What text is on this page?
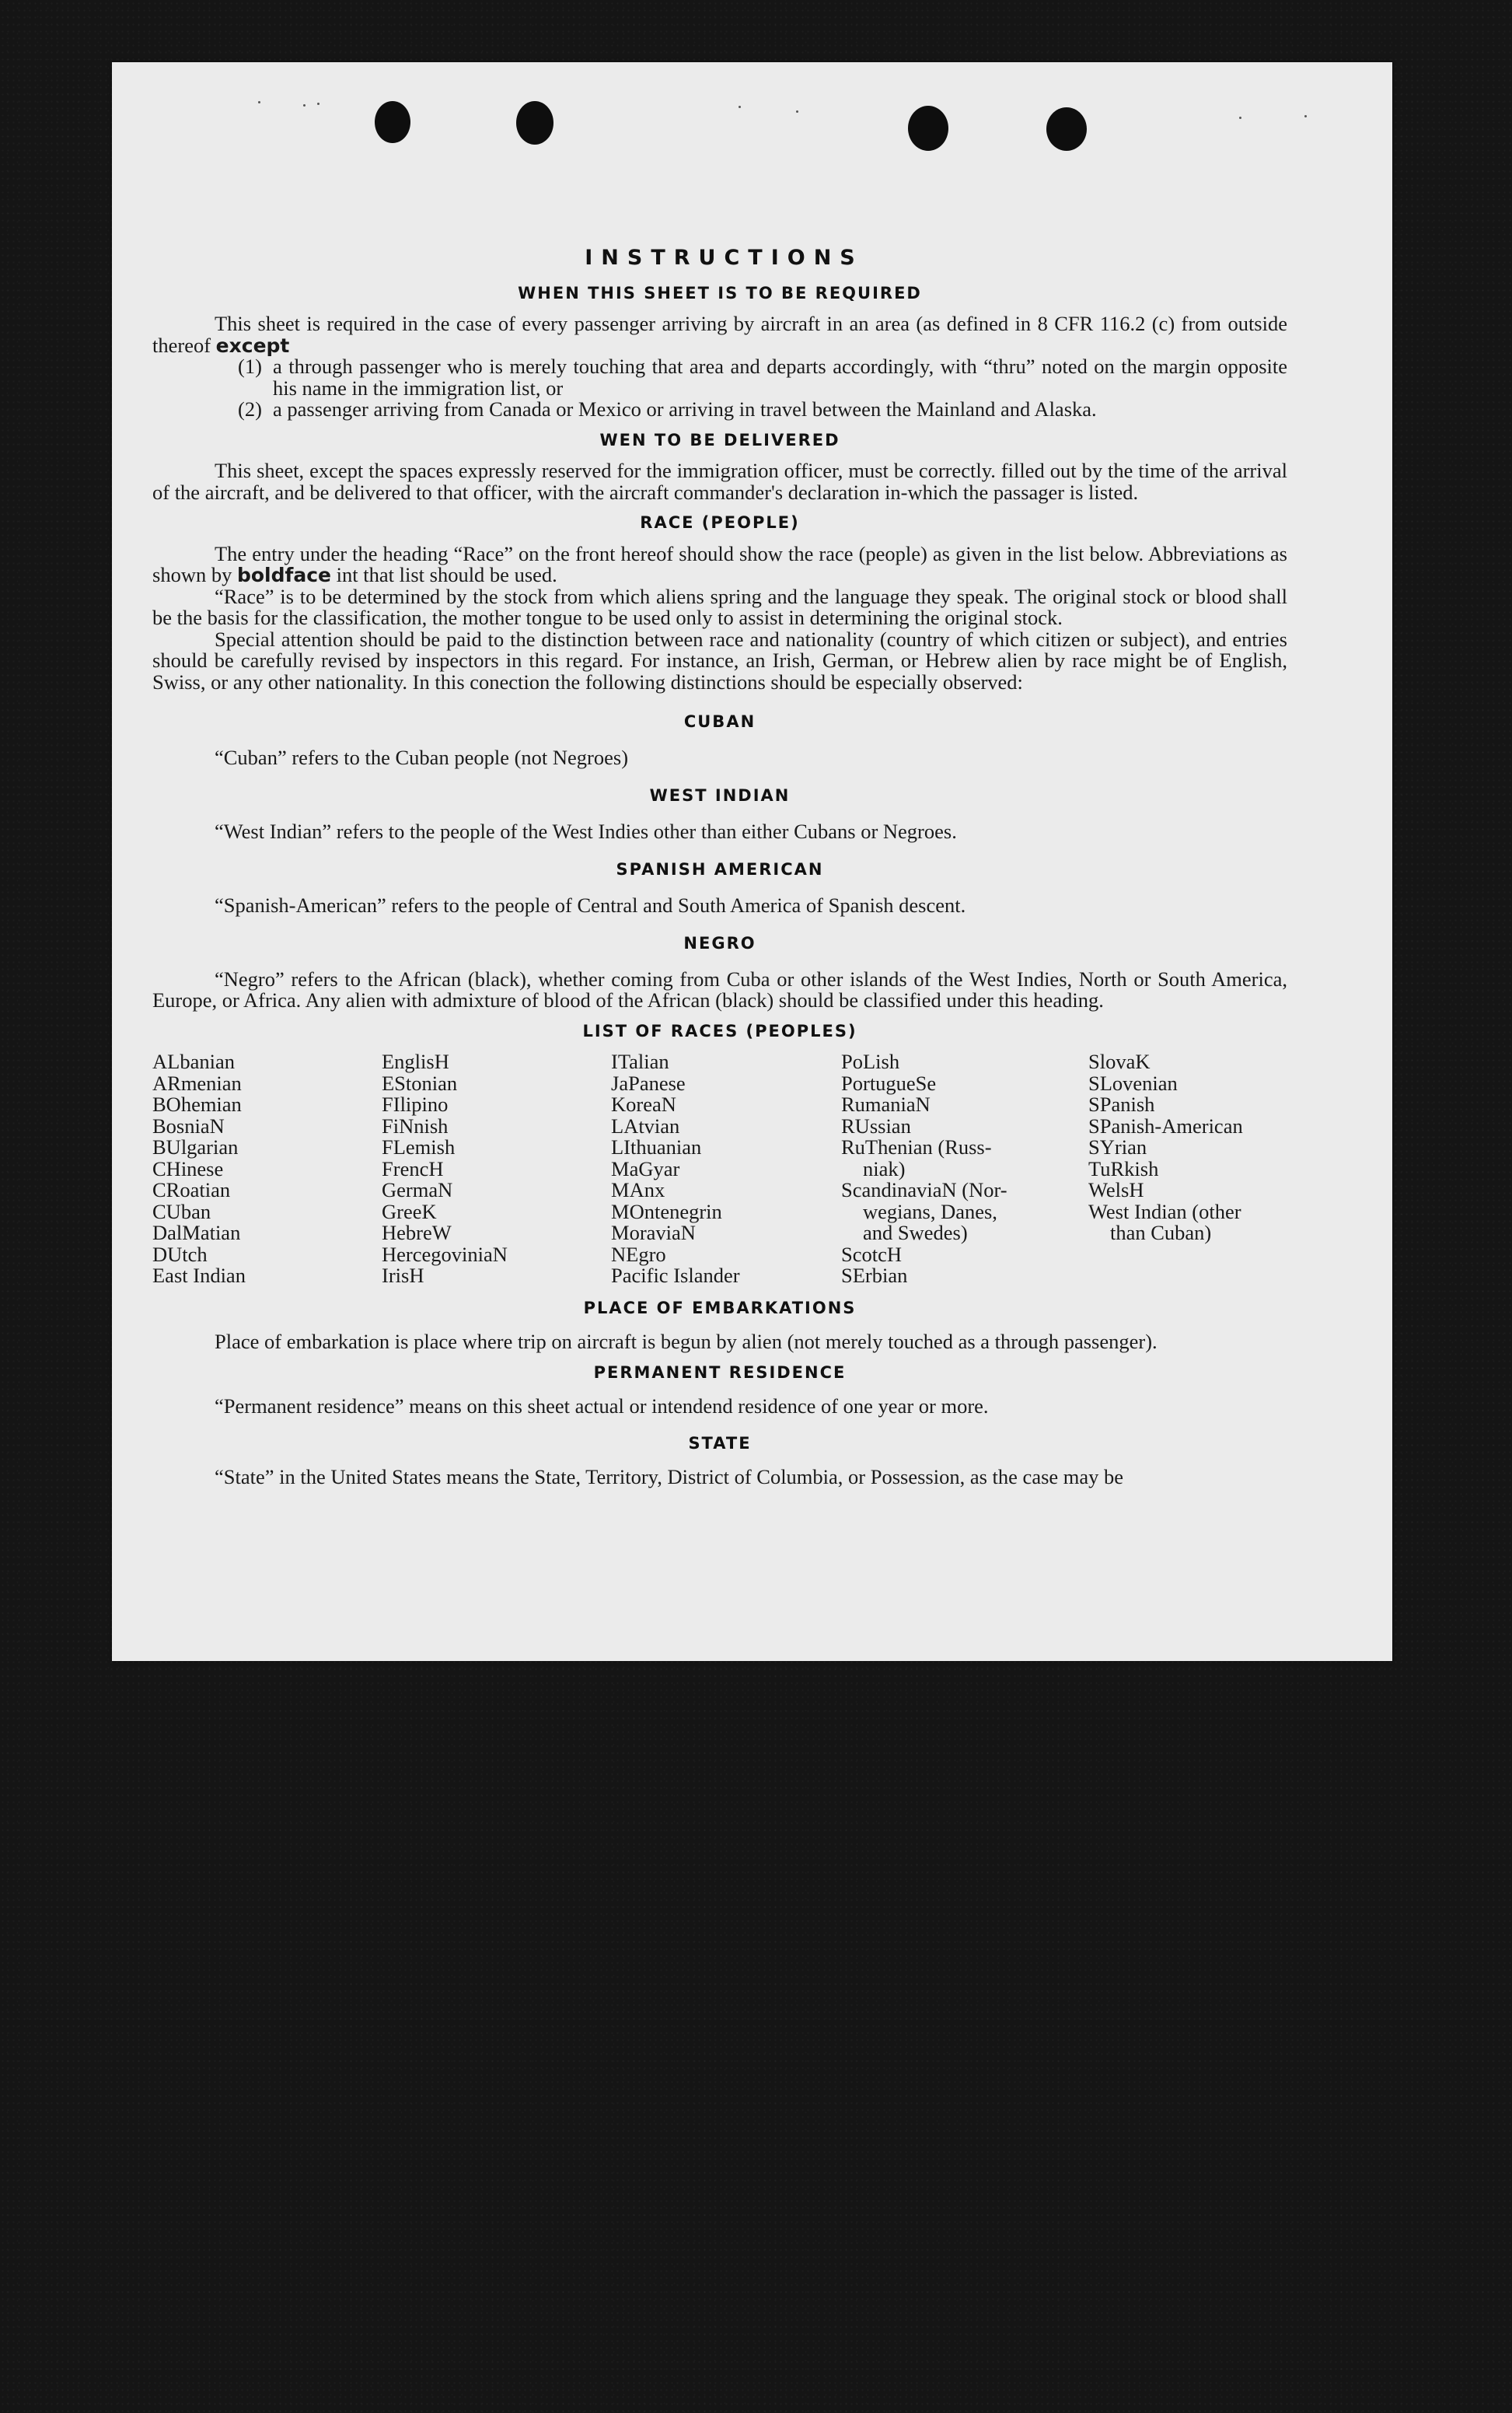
INSTRUCTIONS
WHEN THIS SHEET IS TO BE REQUIRED

This sheet is required in the case of every passenger arriving by aircraft in an area (as defined in 8 CFR 116.2 (c) from outside thereof except

(1) a through passenger who is merely touching that area and departs accordingly, with “thru” noted on the margin opposite his name in the immigration list, or
(2) a passenger arriving from Canada or Mexico or arriving in travel between the Mainland and Alaska.
WEN TO BE DELIVERED

This sheet, except the spaces expressly reserved for the immigration officer, must be correctly. filled out by the time of the arrival of the aircraft, and be delivered to that officer, with the aircraft commander's declaration in-which the passager is listed.

RACE (PEOPLE)

The entry under the heading “Race” on the front hereof should show the race (people) as given in the list below. Abbreviations as shown by boldface int that list should be used.

“Race” is to be determined by the stock from which aliens spring and the language they speak. The original stock or blood shall be the basis for the classification, the mother tongue to be used only to assist in determining the original stock.

Special attention should be paid to the distinction between race and nationality (country of which citizen or subject), and entries should be carefully revised by inspectors in this regard. For instance, an Irish, German, or Hebrew alien by race might be of English, Swiss, or any other nationality. In this conection the following distinctions should be especially observed:

CUBAN

“Cuban” refers to the Cuban people (not Negroes)

WEST INDIAN

“West Indian” refers to the people of the West Indies other than either Cubans or Negroes.

SPANISH AMERICAN

“Spanish-American” refers to the people of Central and South America of Spanish descent.

NEGRO

“Negro” refers to the African (black), whether coming from Cuba or other islands of the West Indies, North or South America, Europe, or Africa. Any alien with admixture of blood of the African (black) should be classified under this heading.

LIST OF RACES (PEOPLES)
ALbanian
ARmenian
BOhemian
BosniaN
BUlgarian
CHinese
CRoatian
CUban
DalMatian
DUtch
East Indian
EnglisH
EStonian
FIlipino
FiNnish
FLemish
FrencH
GermaN
GreeK
HebreW
HercegoviniaN
IrisH
ITalian
JaPanese
KoreaN
LAtvian
LIthuanian
MaGyar
MAnx
MOntenegrin
MoraviaN
NEgro
Pacific Islander
PoLish
PortugueSe
RumaniaN
RUssian
RuThenian (Russ-
niak)
ScandinaviaN (Nor-
wegians, Danes,
and Swedes)
ScotcH
SErbian
SlovaK
SLovenian
SPanish
SPanish-American
SYrian
TuRkish
WelsH
West Indian (other
than Cuban)
PLACE OF EMBARKATIONS

Place of embarkation is place where trip on aircraft is begun by alien (not merely touched as a through passenger).

PERMANENT RESIDENCE

“Permanent residence” means on this sheet actual or intendend residence of one year or more.

STATE

“State” in the United States means the State, Territory, District of Columbia, or Possession, as the case may be
